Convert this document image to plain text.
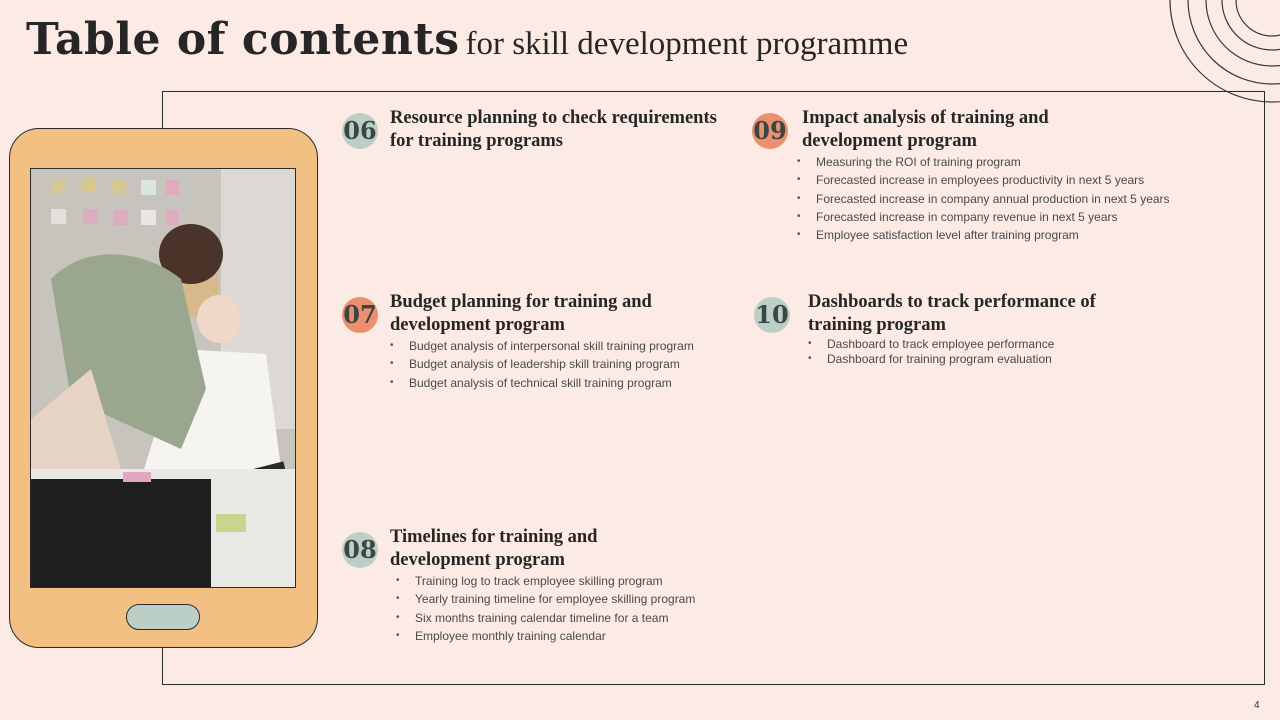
Table of contents for skill development programme
06 Resource planning to check requirements for training programs
07 Budget planning for training and development program
• Budget analysis of interpersonal skill training program
• Budget analysis of leadership skill training program
• Budget analysis of technical skill training program
08 Timelines for training and development program
• Training log to track employee skilling program
• Yearly training timeline for employee skilling program
• Six months training calendar timeline for a team
• Employee monthly training calendar
09 Impact analysis of training and development program
• Measuring the ROI of training program
• Forecasted increase in employees productivity in next 5 years
• Forecasted increase in company annual production in next 5 years
• Forecasted increase in company revenue in next 5 years
• Employee satisfaction level after training program
10 Dashboards to track performance of training program
• Dashboard to track employee performance
• Dashboard for training program evaluation
4
